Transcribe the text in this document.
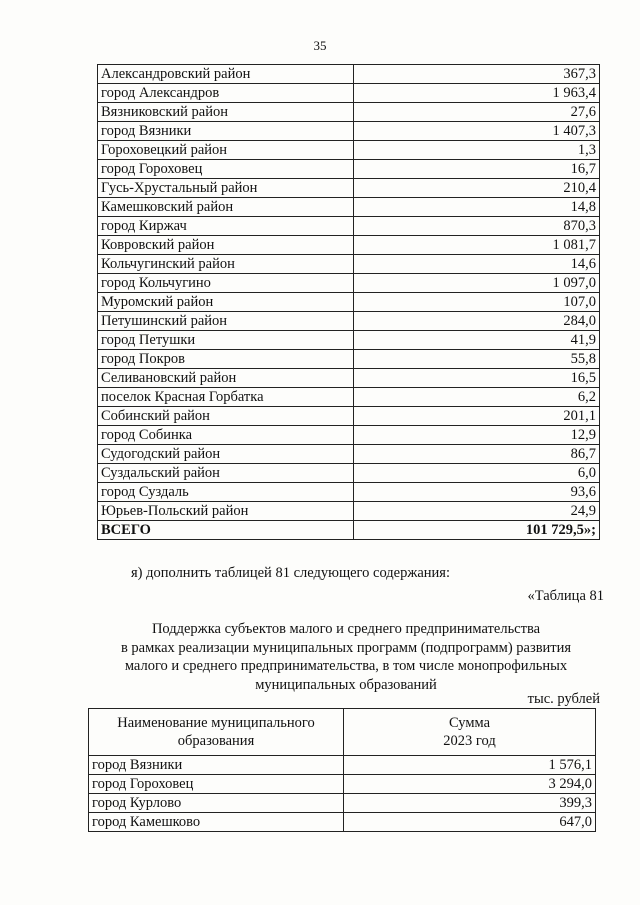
35
Александровский район	367,3
город Александров	1 963,4
Вязниковский район	27,6
город Вязники	1 407,3
Гороховецкий район	1,3
город Гороховец	16,7
Гусь-Хрустальный район	210,4
Камешковский район	14,8
город Киржач	870,3
Ковровский район	1 081,7
Кольчугинский район	14,6
город Кольчугино	1 097,0
Муромский район	107,0
Петушинский район	284,0
город Петушки	41,9
город Покров	55,8
Селивановский район	16,5
поселок Красная Горбатка	6,2
Собинский район	201,1
город Собинка	12,9
Судогодский район	86,7
Суздальский район	6,0
город Суздаль	93,6
Юрьев-Польский район	24,9
ВСЕГО	101 729,5»;
я) дополнить таблицей 81 следующего содержания:
«Таблица 81
Поддержка субъектов малого и среднего предпринимательства
в рамках реализации муниципальных программ (подпрограмм) развития
малого и среднего предпринимательства, в том числе монопрофильных
муниципальных образований
тыс. рублей
Наименование муниципального образования	Сумма
2023 год

город Вязники	1 576,1
город Гороховец	3 294,0
город Курлово	399,3
город Камешково	647,0
